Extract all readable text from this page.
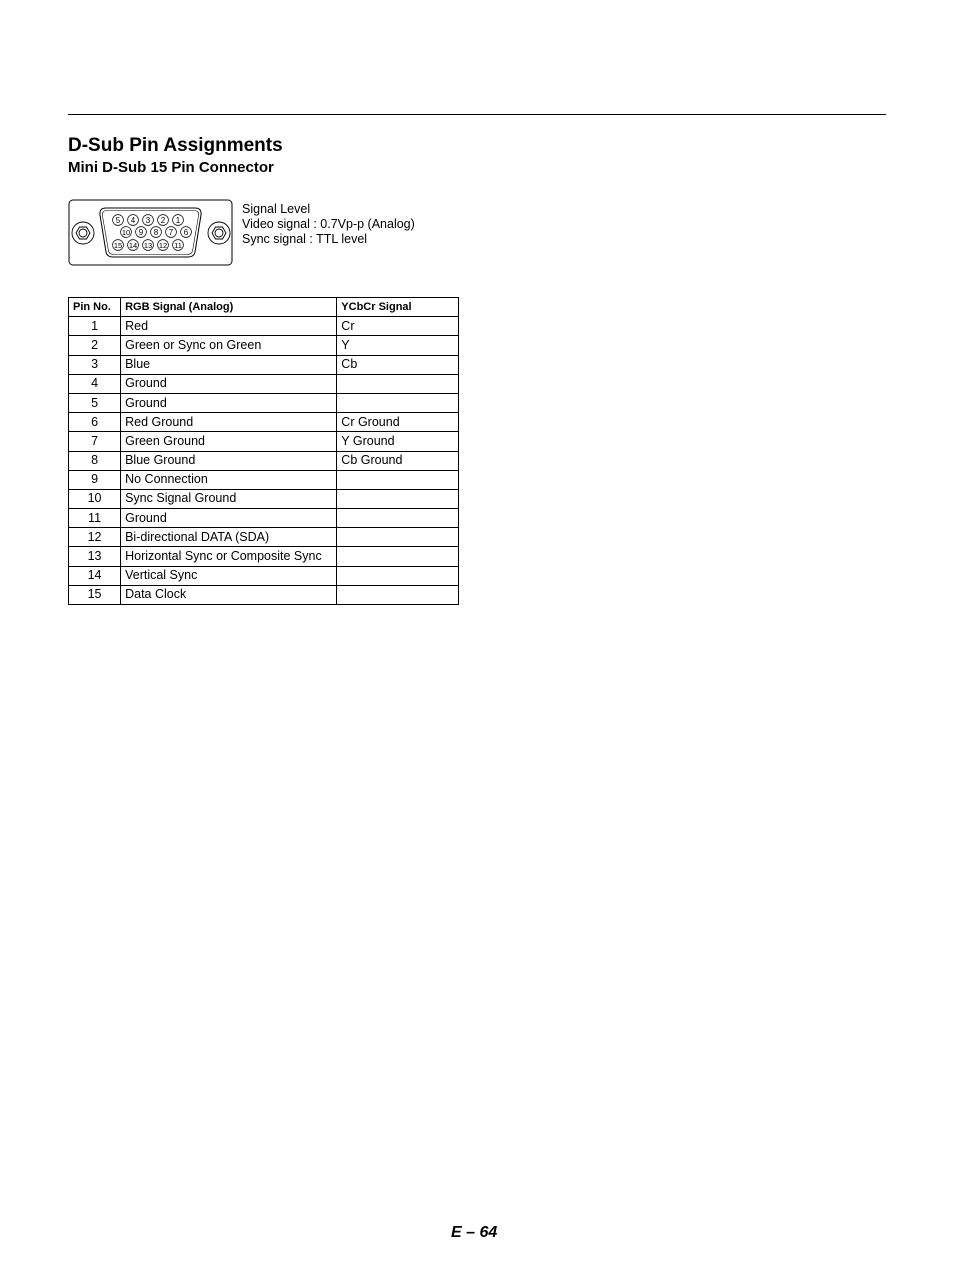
D-Sub Pin Assignments
Mini D-Sub 15 Pin Connector
5 4 3 2 1
10 9 8 7 6
15 14 13 12 11
Signal Level
Video signal : 0.7Vp-p (Analog)
Sync signal : TTL level
Pin No.	RGB Signal (Analog)	YCbCr Signal
1	Red	Cr
2	Green or Sync on Green	Y
3	Blue	Cb
4	Ground	
5	Ground	
6	Red Ground	Cr Ground
7	Green Ground	Y Ground
8	Blue Ground	Cb Ground
9	No Connection	
10	Sync Signal Ground	
11	Ground	
12	Bi-directional DATA (SDA)	
13	Horizontal Sync or Composite Sync	
14	Vertical Sync	
15	Data Clock	
E – 64
